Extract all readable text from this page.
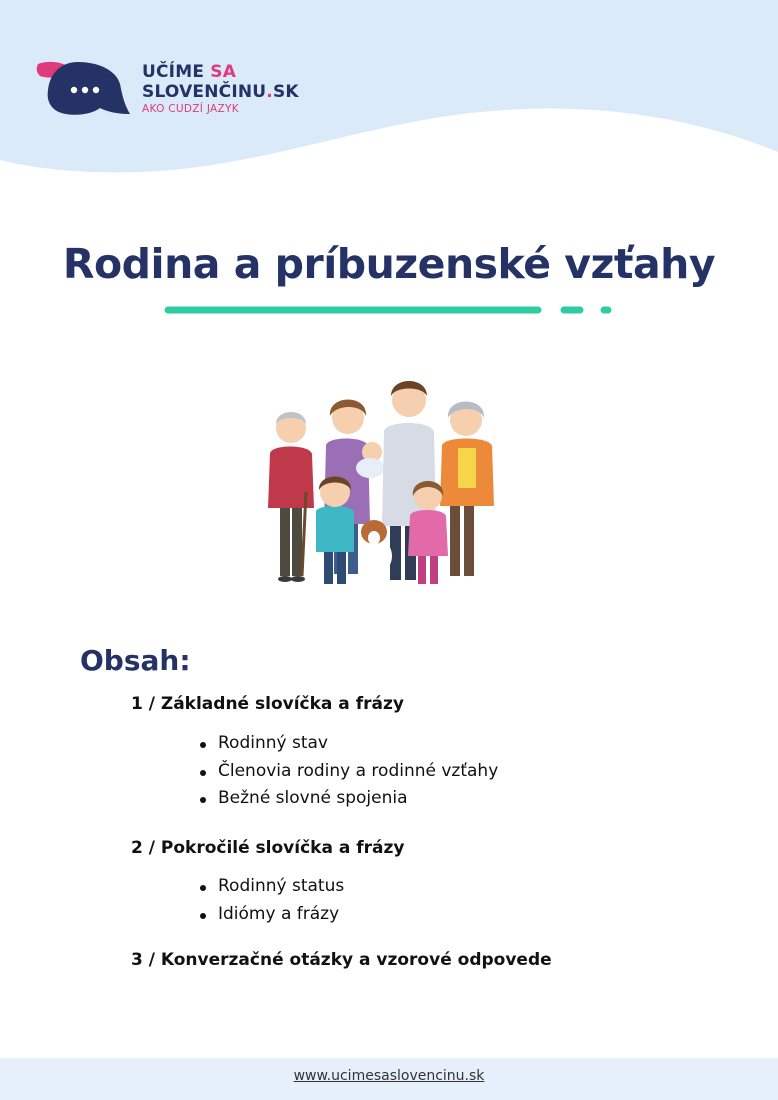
UČÍME SA
SLOVENČINU.SK
AKO CUDZÍ JAZYK
Rodina a príbuzenské vzťahy
Obsah:
1 / Základné slovíčka a frázy
Rodinný stav
Členovia rodiny a rodinné vzťahy
Bežné slovné spojenia
2 / Pokročilé slovíčka a frázy
Rodinný status
Idiómy a frázy
3 / Konverzačné otázky a vzorové odpovede
www.ucimesaslovencinu.sk
